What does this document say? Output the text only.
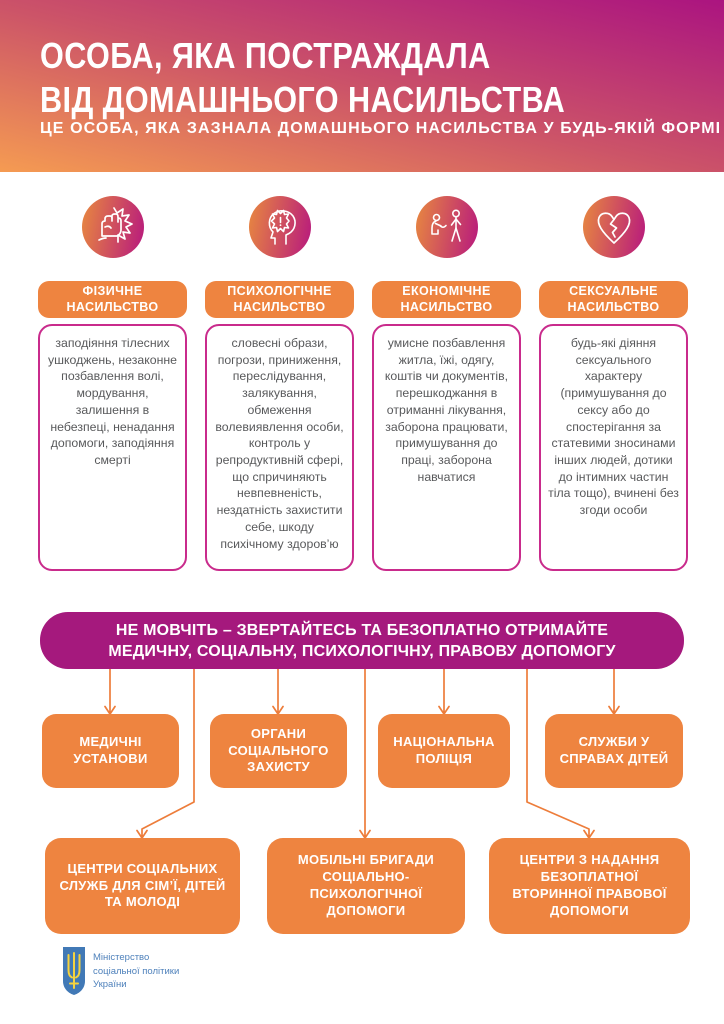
ОСОБА, ЯКА ПОСТРАЖДАЛА
ВІД ДОМАШНЬОГО НАСИЛЬСТВА
ЦЕ ОСОБА, ЯКА ЗАЗНАЛА ДОМАШНЬОГО НАСИЛЬСТВА У БУДЬ-ЯКІЙ ФОРМІ
ФІЗИЧНЕ НАСИЛЬСТВО
заподіяння тілесних ушкоджень, незаконне позбавлення волі, мордування, залишення в небезпеці, ненадання допомоги, заподіяння смерті
ПСИХОЛОГІЧНЕ НАСИЛЬСТВО
словесні образи, погрози, приниження, переслідування, залякування, обмеження волевиявлення особи, контроль у репродуктивній сфері, що спричиняють невпевненість, нездатність захистити себе, шкоду психічному здоров’ю
ЕКОНОМІЧНЕ НАСИЛЬСТВО
умисне позбавлення житла, їжі, одягу, коштів чи документів, перешкоджання в отриманні лікування, заборона працювати, примушування до праці, заборона навчатися
СЕКСУАЛЬНЕ НАСИЛЬСТВО
будь-які діяння сексуального характеру (примушування до сексу або до спостерігання за статевими зносинами інших людей, дотики до інтимних частин тіла тощо), вчинені без згоди особи
НЕ МОВЧІТЬ – ЗВЕРТАЙТЕСЬ ТА БЕЗОПЛАТНО ОТРИМАЙТЕ
МЕДИЧНУ, СОЦІАЛЬНУ, ПСИХОЛОГІЧНУ, ПРАВОВУ ДОПОМОГУ
МЕДИЧНІ УСТАНОВИ
ОРГАНИ СОЦІАЛЬНОГО ЗАХИСТУ
НАЦІОНАЛЬНА ПОЛІЦІЯ
СЛУЖБИ У СПРАВАХ ДІТЕЙ
ЦЕНТРИ СОЦІАЛЬНИХ СЛУЖБ ДЛЯ СІМ’Ї, ДІТЕЙ ТА МОЛОДІ
МОБІЛЬНІ БРИГАДИ СОЦІАЛЬНО-ПСИХОЛОГІЧНОЇ ДОПОМОГИ
ЦЕНТРИ З НАДАННЯ БЕЗОПЛАТНОЇ ВТОРИННОЇ ПРАВОВОЇ ДОПОМОГИ
Міністерство
соціальної політики
України
